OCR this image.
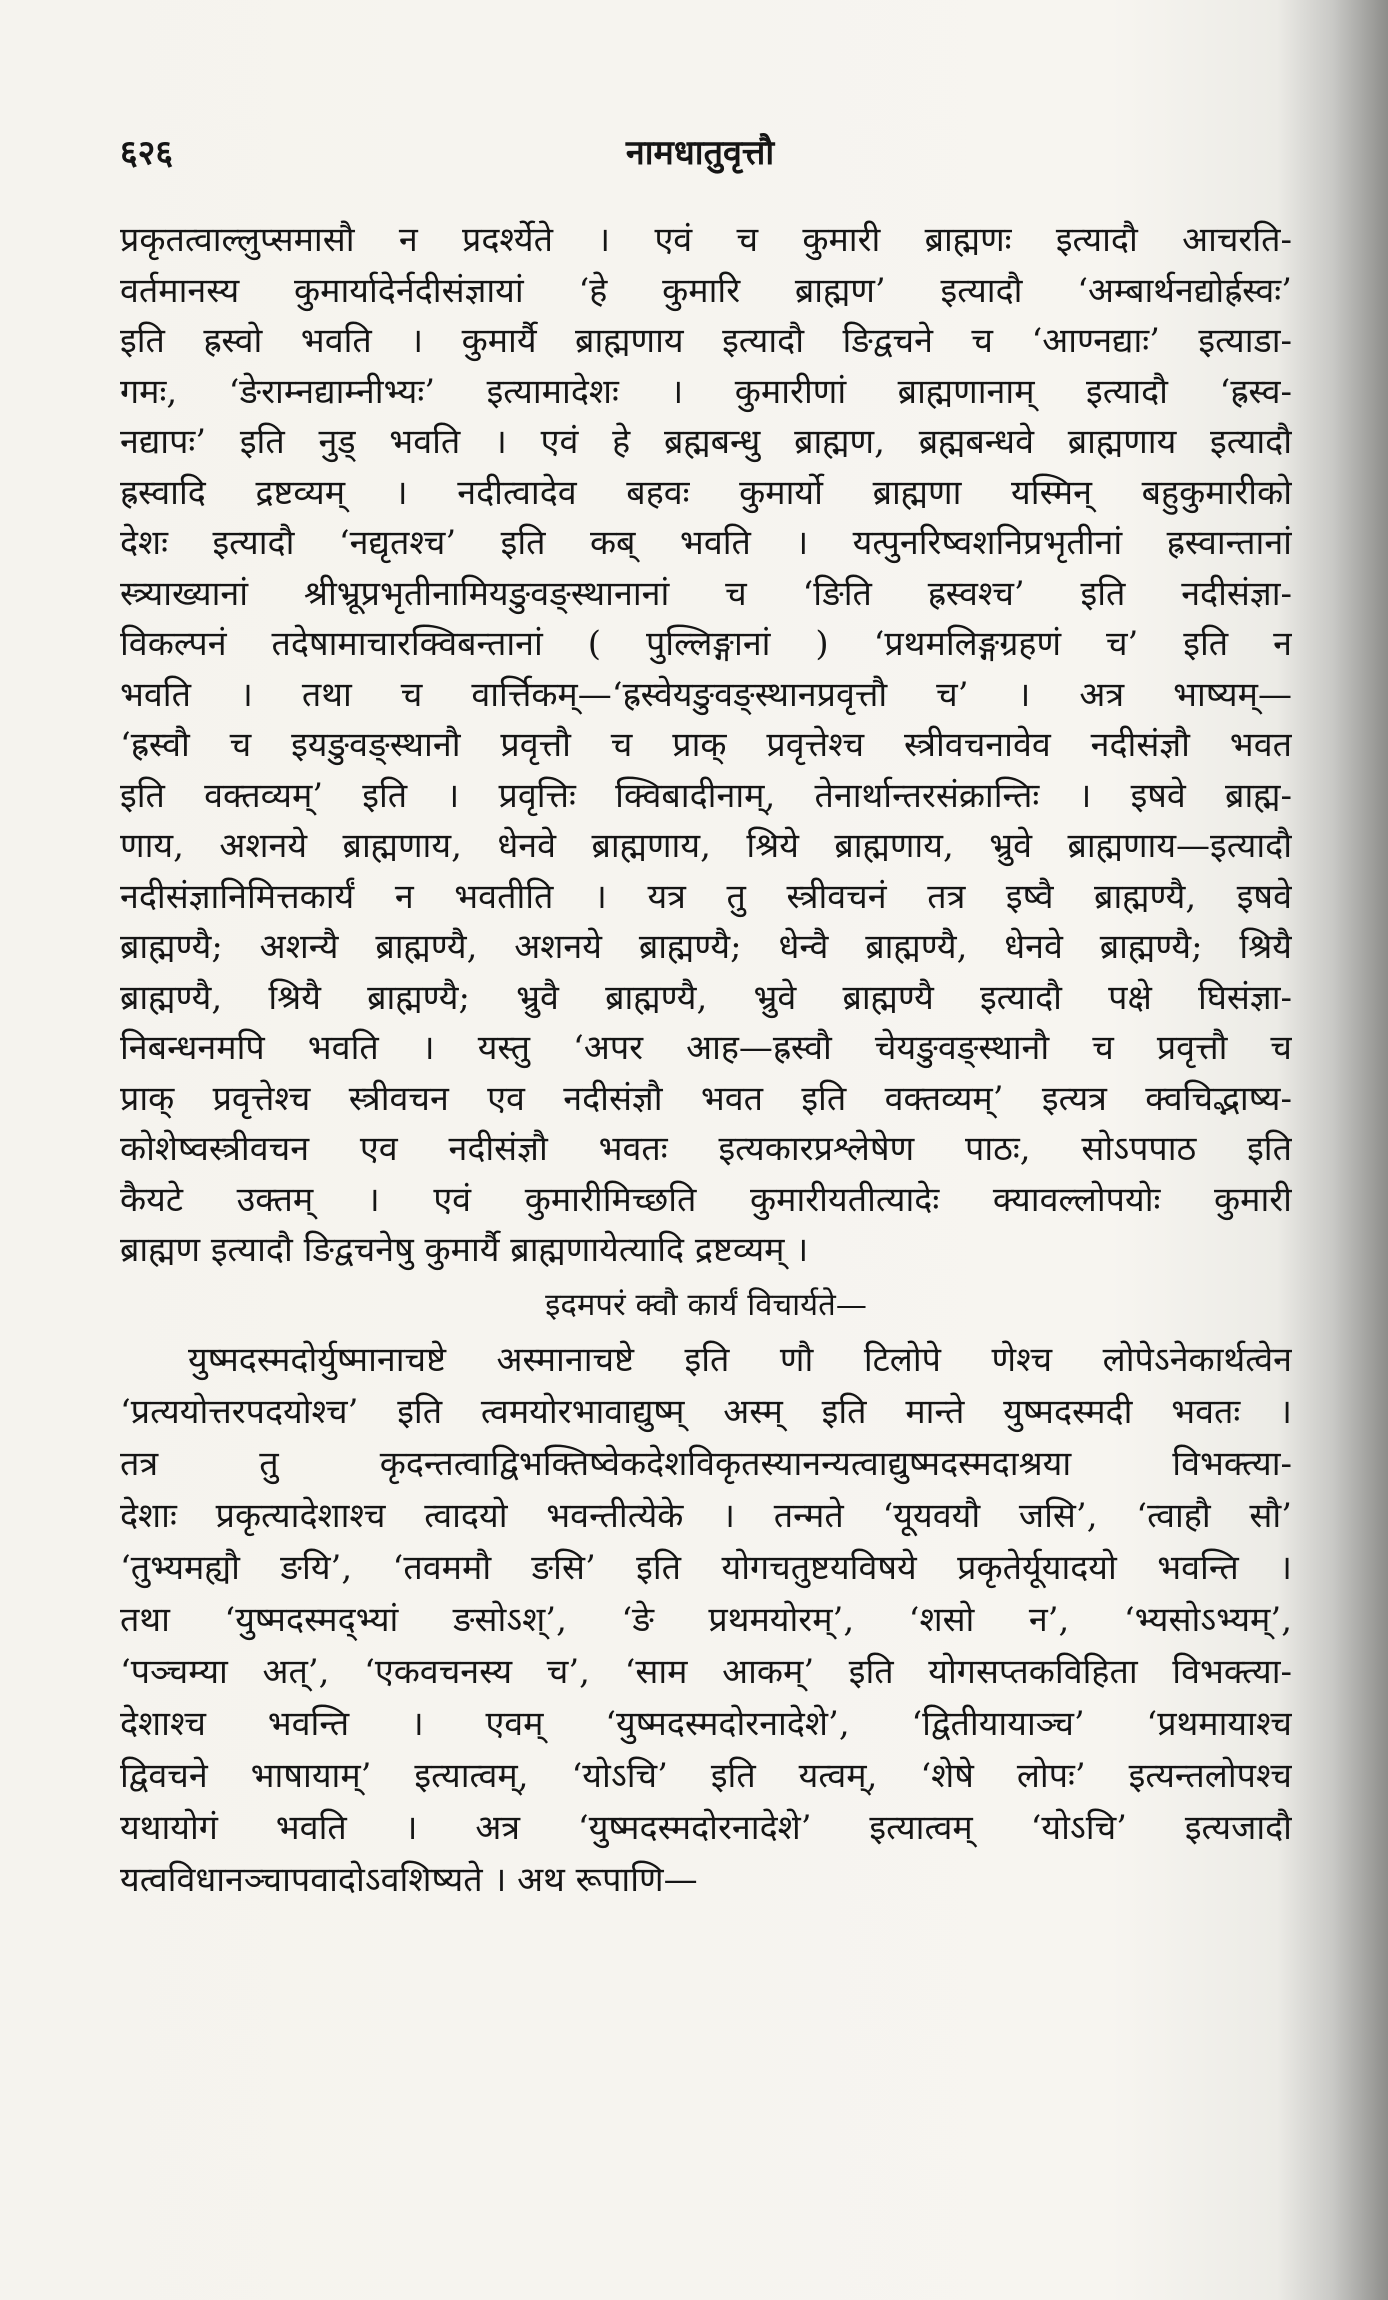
६२६	नामधातुवृत्तौ
प्रकृतत्वाल्लुप्समासौ न प्रदर्श्येते । एवं च कुमारी ब्राह्मणः इत्यादौ आचरति-
वर्तमानस्य कुमार्यादेर्नदीसंज्ञायां ‘हे कुमारि ब्राह्मण’ इत्यादौ ‘अम्बार्थनद्योर्ह्रस्वः’
इति ह्रस्वो भवति । कुमार्यै ब्राह्मणाय इत्यादौ ङिद्वचने च ‘आण्नद्याः’ इत्याडा-
गमः, ‘ङेराम्नद्याम्नीभ्यः’ इत्यामादेशः । कुमारीणां ब्राह्मणानाम् इत्यादौ ‘ह्रस्व-
नद्यापः’ इति नुड् भवति । एवं हे ब्रह्मबन्धु ब्राह्मण, ब्रह्मबन्धवे ब्राह्मणाय इत्यादौ
ह्रस्वादि द्रष्टव्यम् । नदीत्वादेव बहवः कुमार्यो ब्राह्मणा यस्मिन् बहुकुमारीको
देशः इत्यादौ ‘नद्यृतश्च’ इति कब् भवति । यत्पुनरिष्वशनिप्रभृतीनां ह्रस्वान्तानां
स्त्र्याख्यानां श्रीभ्रूप्रभृतीनामियङुवङ्स्थानानां च ‘ङिति ह्रस्वश्च’ इति नदीसंज्ञा-
विकल्पनं तदेषामाचारक्विबन्तानां ( पुल्लिङ्गानां ) ‘प्रथमलिङ्गग्रहणं च’ इति न
भवति । तथा च वार्त्तिकम्—‘ह्रस्वेयङुवङ्स्थानप्रवृत्तौ च’ । अत्र भाष्यम्—
‘ह्रस्वौ च इयङुवङ्स्थानौ प्रवृत्तौ च प्राक् प्रवृत्तेश्च स्त्रीवचनावेव नदीसंज्ञौ भवत
इति वक्तव्यम्’ इति । प्रवृत्तिः क्विबादीनाम्, तेनार्थान्तरसंक्रान्तिः । इषवे ब्राह्म-
णाय, अशनये ब्राह्मणाय, धेनवे ब्राह्मणाय, श्रिये ब्राह्मणाय, भ्रुवे ब्राह्मणाय—इत्यादौ
नदीसंज्ञानिमित्तकार्यं न भवतीति । यत्र तु स्त्रीवचनं तत्र इष्वै ब्राह्मण्यै, इषवे
ब्राह्मण्यै; अशन्यै ब्राह्मण्यै, अशनये ब्राह्मण्यै; धेन्वै ब्राह्मण्यै, धेनवे ब्राह्मण्यै; श्रियै
ब्राह्मण्यै, श्रियै ब्राह्मण्यै; भ्रुवै ब्राह्मण्यै, भ्रुवे ब्राह्मण्यै इत्यादौ पक्षे घिसंज्ञा-
निबन्धनमपि भवति । यस्तु ‘अपर आह—ह्रस्वौ चेयङुवङ्स्थानौ च प्रवृत्तौ च
प्राक् प्रवृत्तेश्च स्त्रीवचन एव नदीसंज्ञौ भवत इति वक्तव्यम्’ इत्यत्र क्वचिद्भाष्य-
कोशेष्वस्त्रीवचन एव नदीसंज्ञौ भवतः इत्यकारप्रश्लेषेण पाठः, सोऽपपाठ इति
कैयटे उक्तम् । एवं कुमारीमिच्छति कुमारीयतीत्यादेः क्यावल्लोपयोः कुमारी
ब्राह्मण इत्यादौ ङिद्वचनेषु कुमार्यै ब्राह्मणायेत्यादि द्रष्टव्यम् ।
इदमपरं क्वौ कार्यं विचार्यते—
युष्मदस्मदोर्युष्मानाचष्टे अस्मानाचष्टे इति णौ टिलोपे णेश्च लोपेऽनेकार्थत्वेन
‘प्रत्ययोत्तरपदयोश्च’ इति त्वमयोरभावाद्युष्म् अस्म् इति मान्ते युष्मदस्मदी भवतः ।
तत्र तु कृदन्तत्वाद्विभक्तिष्वेकदेशविकृतस्यानन्यत्वाद्युष्मदस्मदाश्रया विभक्त्या-
देशाः प्रकृत्यादेशाश्च त्वादयो भवन्तीत्येके । तन्मते ‘यूयवयौ जसि’, ‘त्वाहौ सौ’
‘तुभ्यमह्यौ ङयि’, ‘तवममौ ङसि’ इति योगचतुष्टयविषये प्रकृतेर्यूयादयो भवन्ति ।
तथा ‘युष्मदस्मद्भ्यां ङसोऽश्’, ‘ङे प्रथमयोरम्’, ‘शसो न’, ‘भ्यसोऽभ्यम्’,
‘पञ्चम्या अत्’, ‘एकवचनस्य च’, ‘साम आकम्’ इति योगसप्तकविहिता विभक्त्या-
देशाश्च भवन्ति । एवम् ‘युष्मदस्मदोरनादेशे’, ‘द्वितीयायाञ्च’ ‘प्रथमायाश्च
द्विवचने भाषायाम्’ इत्यात्वम्, ‘योऽचि’ इति यत्वम्, ‘शेषे लोपः’ इत्यन्तलोपश्च
यथायोगं भवति । अत्र ‘युष्मदस्मदोरनादेशे’ इत्यात्वम् ‘योऽचि’ इत्यजादौ
यत्वविधानञ्चापवादोऽवशिष्यते । अथ रूपाणि—
